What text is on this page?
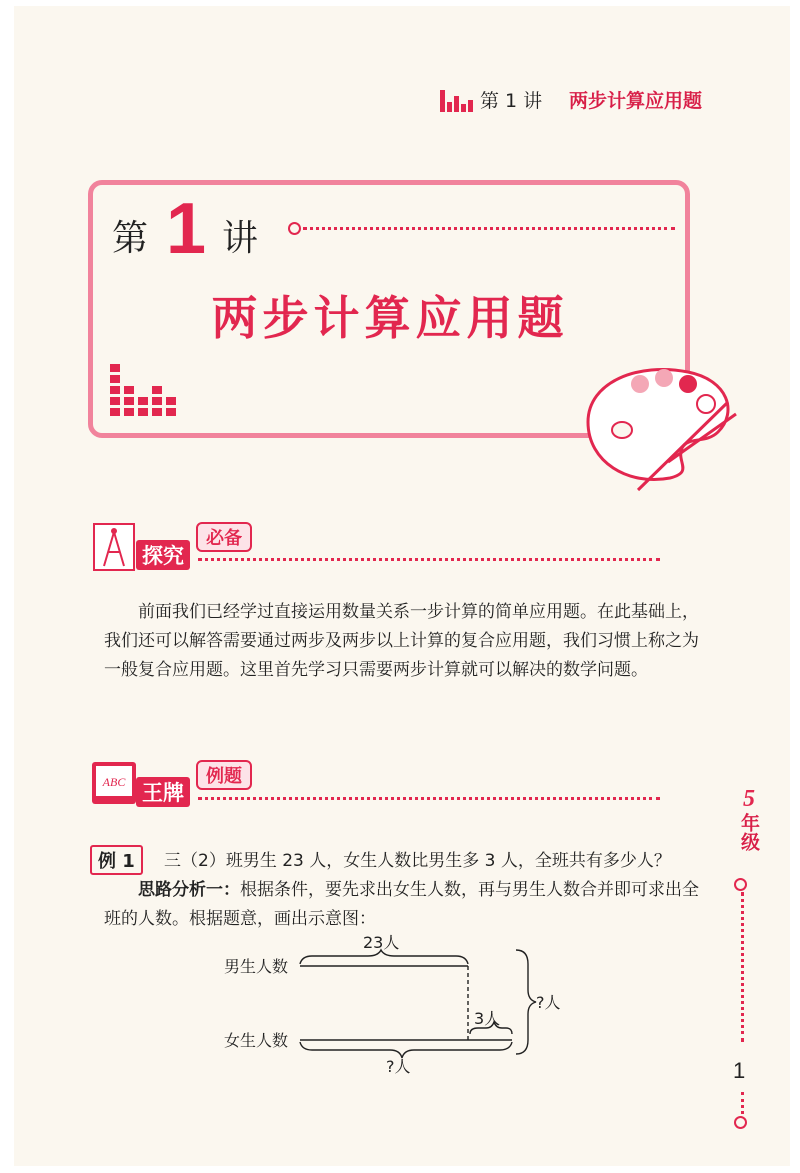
第 1 讲 两步计算应用题
第 1 讲
两步计算应用题
探究
必备
前面我们已经学过直接运用数量关系一步计算的简单应用题。在此基础上，我们还可以解答需要通过两步及两步以上计算的复合应用题，我们习惯上称之为一般复合应用题。这里首先学习只需要两步计算就可以解决的数学问题。
ABC 王牌
例题
例 1	三（2）班男生 23 人，女生人数比男生多 3 人，全班共有多少人？
思路分析一：根据条件，要先求出女生人数，再与男生人数合并即可求出全班的人数。根据题意，画出示意图：
男生人数
女生人数
23人
3人
?人
?人
5
年级
1
